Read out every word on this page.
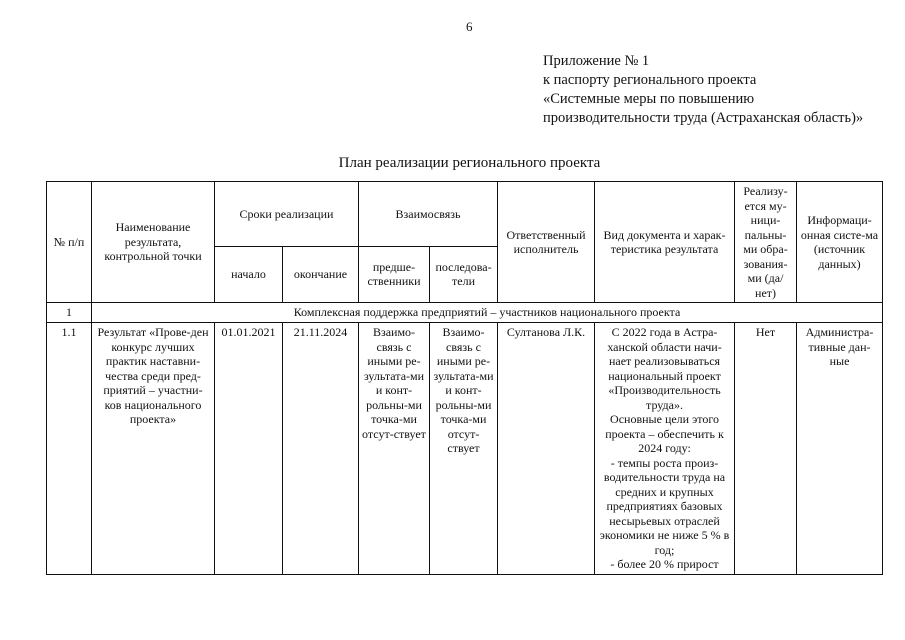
6
Приложение № 1
к паспорту регионального проекта
«Системные меры по повышению
производительности труда (Астраханская область)»
План реализации регионального проекта
№ п/п	Наименование результата, контрольной точки	Сроки реализации		Взаимосвязь		Ответственный исполнитель	Вид документа и харак-теристика результата	Реализу-ется му-ници-пальны-ми обра-зования-ми (да/нет)	Информаци-онная систе-ма (источник данных)
		начало	окончание	предше-ственники	последова-тели				
1	Комплексная поддержка предприятий – участников национального проекта								
1.1	Результат «Прове-ден конкурс лучших практик наставни-чества среди пред-приятий – участни-ков национального проекта»	01.01.2021	21.11.2024	Взаимо-связь с иными ре-зультата-ми и конт-рольны-ми точка-ми отсут-ствует	Взаимо-связь с иными ре-зультата-ми и конт-рольны-ми точка-ми отсут-ствует	Султанова Л.К.	С 2022 года в Астра-ханской области начи-нает реализовываться национальный проект «Производительность труда».
Основные цели этого проекта – обеспечить к 2024 году:
- темпы роста произ-водительности труда на средних и крупных предприятиях базовых несырьевых отраслей экономики не ниже 5 % в год;
- более 20 % прирост	Нет	Администра-тивные дан-ные
